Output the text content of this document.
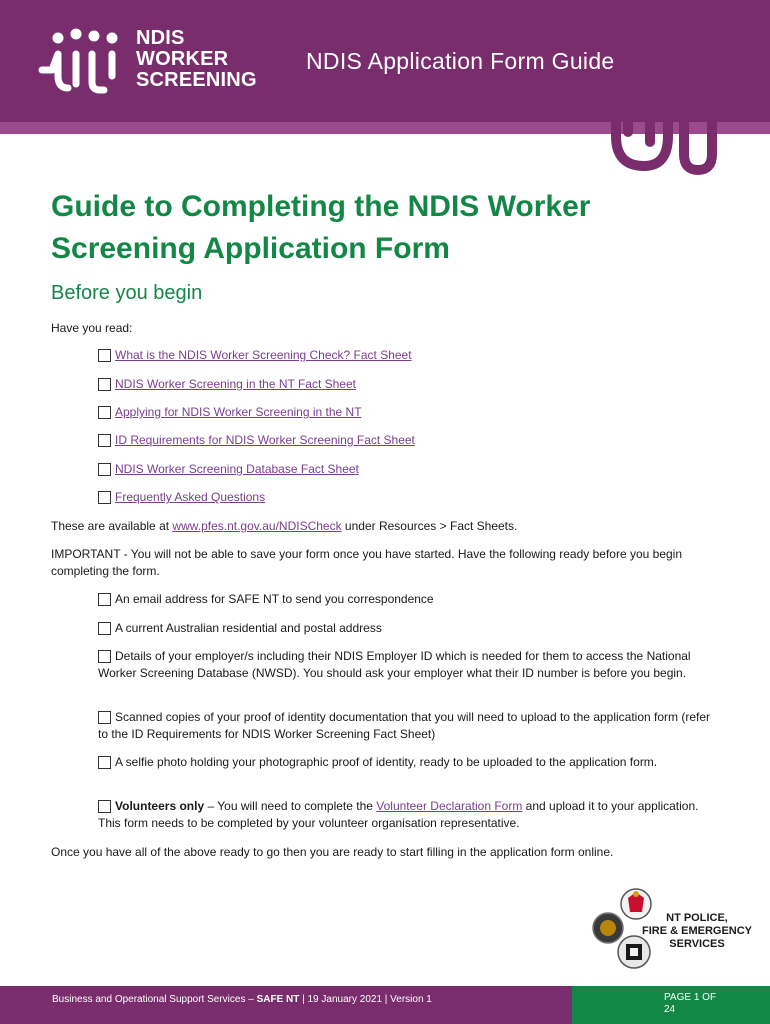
NDIS
WORKER
SCREENING
NDIS Application Form Guide
Guide to Completing the NDIS Worker Screening Application Form
Before you begin
Have you read:
What is the NDIS Worker Screening Check? Fact Sheet
NDIS Worker Screening in the NT Fact Sheet
Applying for NDIS Worker Screening in the NT
ID Requirements for NDIS Worker Screening Fact Sheet
NDIS Worker Screening Database Fact Sheet
Frequently Asked Questions
These are available at www.pfes.nt.gov.au/NDISCheck under Resources > Fact Sheets.
IMPORTANT - You will not be able to save your form once you have started. Have the following ready before you begin completing the form.
An email address for SAFE NT to send you correspondence
A current Australian residential and postal address
Details of your employer/s including their NDIS Employer ID which is needed for them to access the National Worker Screening Database (NWSD). You should ask your employer what their ID number is before you begin.
Scanned copies of your proof of identity documentation that you will need to upload to the application form (refer to the ID Requirements for NDIS Worker Screening Fact Sheet)
A selfie photo holding your photographic proof of identity, ready to be uploaded to the application form.
Volunteers only – You will need to complete the Volunteer Declaration Form and upload it to your application. This form needs to be completed by your volunteer organisation representative.
Once you have all of the above ready to go then you are ready to start filling in the application form online.
NT POLICE,
FIRE & EMERGENCY
SERVICES
Business and Operational Support Services – SAFE NT | 19 January 2021 | Version 1	PAGE 1 OF 24
